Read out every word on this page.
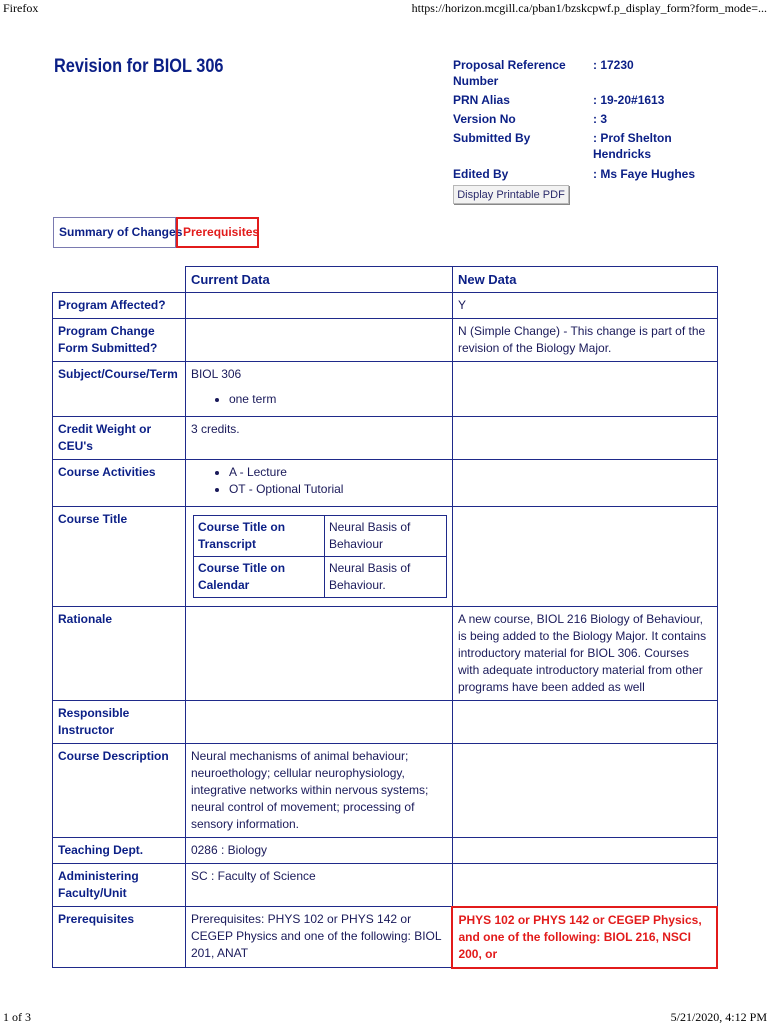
Firefox	https://horizon.mcgill.ca/pban1/bzskcpwf.p_display_form?form_mode=...
Revision for BIOL 306	Proposal Reference Number
: 17230
PRN Alias	: 19-20#1613
Version No	: 3
Submitted By	: Prof Shelton Hendricks
Edited By	: Ms Faye Hughes
Display Printable PDF
Summary of Changes Prerequisites
	Current Data	New Data
Program Affected?		Y
Program Change Form Submitted?		N (Simple Change) - This change is part of the revision of the Biology Major.
Subject/Course/Term	BIOL 306
• one term

Credit Weight or CEU's	3 credits.	
Course Activities	
•A - Lecture
• OT - Optional Tutorial

Course Title	
Course Title on Transcript	Neural Basis of Behaviour
Course Title on Calendar	Neural Basis of Behaviour.

Rationale		A new course, BIOL 216 Biology of Behaviour, is being added to the Biology Major. It contains introductory material for BIOL 306. Courses with adequate introductory material from other programs have been added as well
Responsible Instructor		
Course Description	Neural mechanisms of animal behaviour; neuroethology; cellular neurophysiology, integrative networks within nervous systems; neural control of movement; processing of sensory information.	
Teaching Dept.	0286 : Biology	
Administering Faculty/Unit	SC : Faculty of Science	
Prerequisites	Prerequisites: PHYS 102 or PHYS 142 or CEGEP Physics and one of the following: BIOL 201, ANAT	PHYS 102 or PHYS 142 or CEGEP Physics, and one of the following: BIOL 216, NSCI 200, or
1 of 3	5/21/2020, 4:12 PM
